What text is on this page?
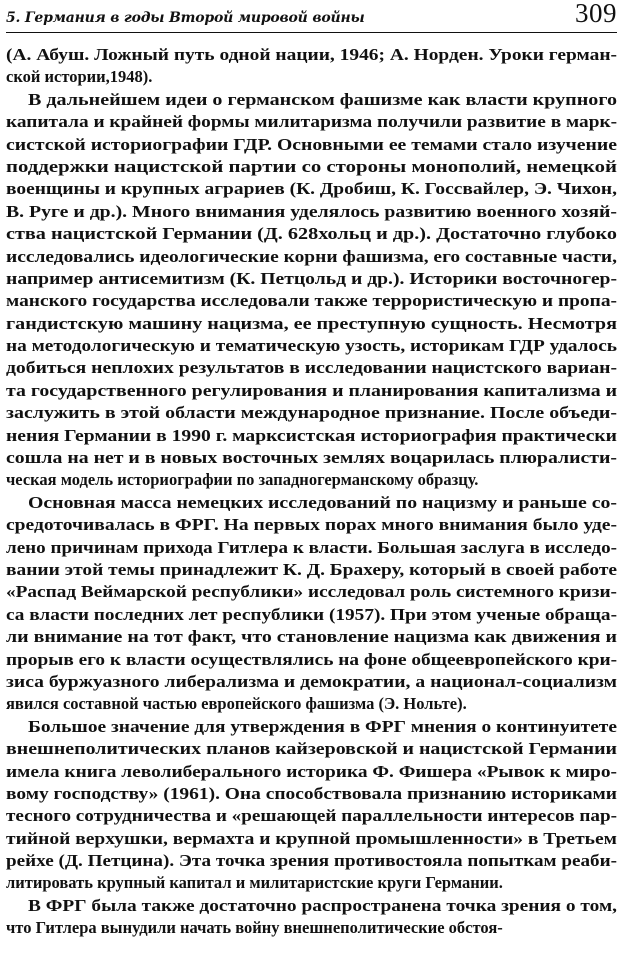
5. Германия в годы Второй мировой войны	309
(А. Абуш. Ложный путь одной нации, 1946; А. Норден. Уроки герман-
ской истории,1948).
В дальнейшем идеи о германском фашизме как власти крупного
капитала и крайней формы милитаризма получили развитие в марк-
систской историографии ГДР. Основными ее темами стало изучение
поддержки нацистской партии со стороны монополий, немецкой
военщины и крупных аграриев (К. Дробиш, К. Госсвайлер, Э. Чихон,
В. Руге и др.). Много внимания уделялось развитию военного хозяй-
ства нацистской Германии (Д. 628хольц и др.). Достаточно глубоко
исследовались идеологические корни фашизма, его составные части,
например антисемитизм (К. Петцольд и др.). Историки восточногер-
манского государства исследовали также террористическую и пропа-
гандистскую машину нацизма, ее преступную сущность. Несмотря
на методологическую и тематическую узость, историкам ГДР удалось
добиться неплохих результатов в исследовании нацистского вариан-
та государственного регулирования и планирования капитализма и
заслужить в этой области международное признание. После объеди-
нения Германии в 1990 г. марксистская историография практически
сошла на нет и в новых восточных землях воцарилась плюралисти-
ческая модель историографии по западногерманскому образцу.
Основная масса немецких исследований по нацизму и раньше со-
средоточивалась в ФРГ. На первых порах много внимания было уде-
лено причинам прихода Гитлера к власти. Большая заслуга в исследо-
вании этой темы принадлежит К. Д. Брахеру, который в своей работе
«Распад Веймарской республики» исследовал роль системного кризи-
са власти последних лет республики (1957). При этом ученые обраща-
ли внимание на тот факт, что становление нацизма как движения и
прорыв его к власти осуществлялись на фоне общеевропейского кри-
зиса буржуазного либерализма и демократии, а национал-социализм
явился составной частью европейского фашизма (Э. Нольте).
Большое значение для утверждения в ФРГ мнения о континуитете
внешнеполитических планов кайзеровской и нацистской Германии
имела книга леволиберального историка Ф. Фишера «Рывок к миро-
вому господству» (1961). Она способствовала признанию историками
тесного сотрудничества и «решающей параллельности интересов пар-
тийной верхушки, вермахта и крупной промышленности» в Третьем
рейхе (Д. Петцина). Эта точка зрения противостояла попыткам реаби-
литировать крупный капитал и милитаристские круги Германии.
В ФРГ была также достаточно распространена точка зрения о том,
что Гитлера вынудили начать войну внешнеполитические обстоя-
